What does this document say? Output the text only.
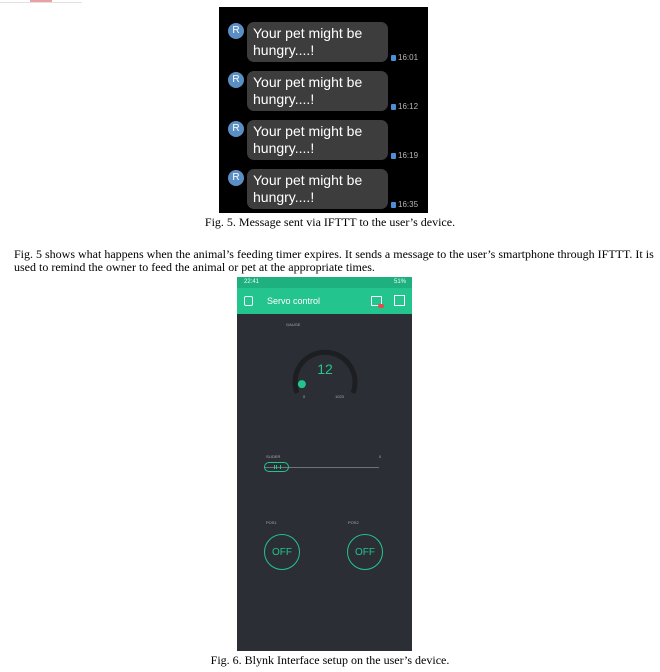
R Your pet might be hungry....!	16:01
R Your pet might be hungry....!	16:12
R Your pet might be hungry....!	16:19
R Your pet might be hungry....!	16:35
Fig. 5. Message sent via IFTTT to the user’s device.
Fig. 5 shows what happens when the animal’s feeding timer expires. It sends a message to the user’s smartphone through IFTTT. It is used to remind the owner to feed the animal or pet at the appropriate times.
22:41	51%
Servo control
GAUGE
12
0	1023
SLIDER	0
POS1	POS2
OFF	OFF
Fig. 6. Blynk Interface setup on the user’s device.
